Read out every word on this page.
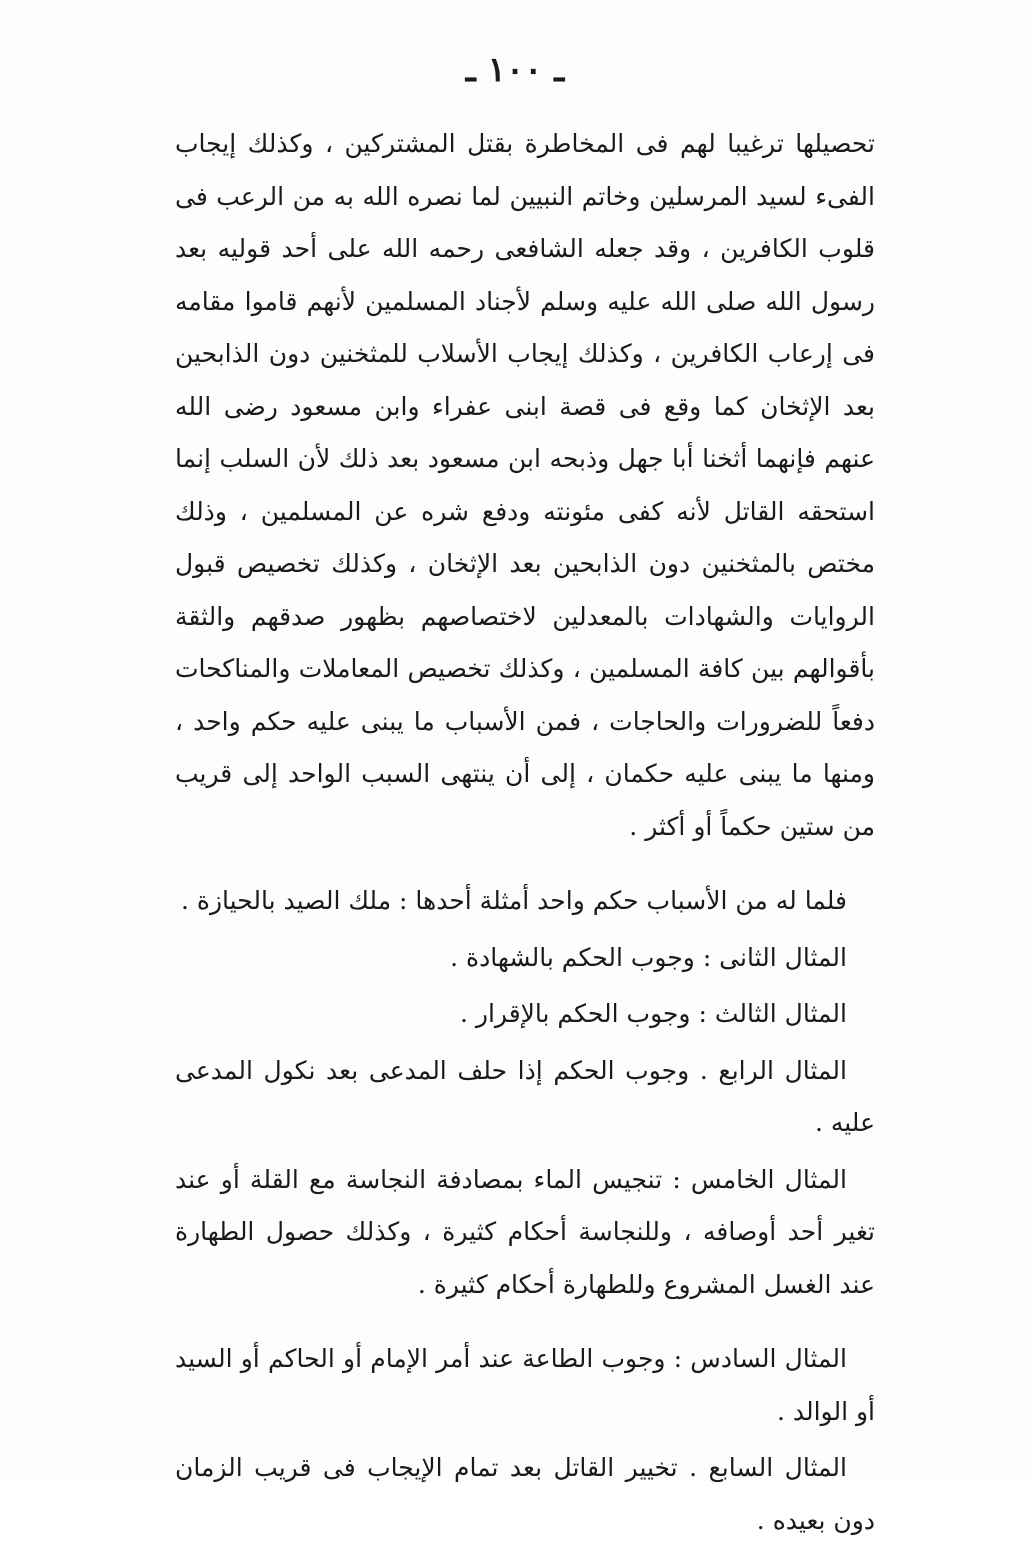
ـ ١٠٠ ـ

تحصيلها ترغيبا لهم فى المخاطرة بقتل المشتركين ، وكذلك إيجاب الفىء لسيد المرسلين وخاتم النبيين لما نصره الله به من الرعب فى قلوب الكافرين ، وقد جعله الشافعى رحمه الله على أحد قوليه بعد رسول الله صلى الله عليه وسلم لأجناد المسلمين لأنهم قاموا مقامه فى إرعاب الكافرين ، وكذلك إيجاب الأسلاب للمثخنين دون الذابحين بعد الإثخان كما وقع فى قصة ابنى عفراء وابن مسعود رضى الله عنهم فإنهما أثخنا أبا جهل وذبحه ابن مسعود بعد ذلك لأن السلب إنما استحقه القاتل لأنه كفى مئونته ودفع شره عن المسلمين ، وذلك مختص بالمثخنين دون الذابحين بعد الإثخان ، وكذلك تخصيص قبول الروايات والشهادات بالمعدلين لاختصاصهم بظهور صدقهم والثقة بأقوالهم بين كافة المسلمين ، وكذلك تخصيص المعاملات والمناكحات دفعاً للضرورات والحاجات ، فمن الأسباب ما يبنى عليه حكم واحد ، ومنها ما يبنى عليه حكمان ، إلى أن ينتهى السبب الواحد إلى قريب من ستين حكماً أو أكثر .

فلما له من الأسباب حكم واحد أمثلة أحدها : ملك الصيد بالحيازة .

المثال الثانى : وجوب الحكم بالشهادة .

المثال الثالث : وجوب الحكم بالإقرار .

المثال الرابع . وجوب الحكم إذا حلف المدعى بعد نكول المدعى عليه .

المثال الخامس : تنجيس الماء بمصادفة النجاسة مع القلة أو عند تغير أحد أوصافه ، وللنجاسة أحكام كثيرة ، وكذلك حصول الطهارة عند الغسل المشروع وللطهارة أحكام كثيرة .

المثال السادس : وجوب الطاعة عند أمر الإمام أو الحاكم أو السيد أو الوالد .

المثال السابع . تخيير القاتل بعد تمام الإيجاب فى قريب الزمان دون بعيده .
